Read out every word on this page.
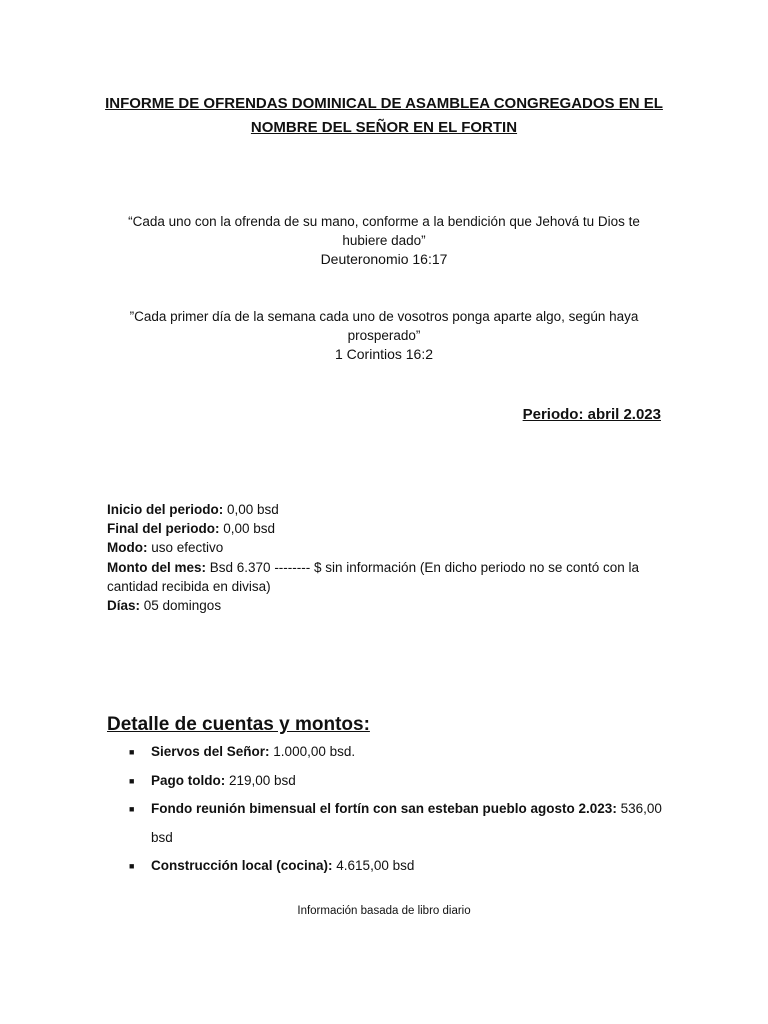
INFORME DE OFRENDAS DOMINICAL DE ASAMBLEA CONGREGADOS EN EL
NOMBRE DEL SEÑOR EN EL FORTIN
“Cada uno con la ofrenda de su mano, conforme a la bendición que Jehová tu Dios te hubiere dado”
Deuteronomio 16:17
”Cada primer día de la semana cada uno de vosotros ponga aparte algo, según haya prosperado”
1 Corintios 16:2
Periodo: abril 2.023
Inicio del periodo: 0,00 bsd
Final del periodo: 0,00 bsd
Modo: uso efectivo
Monto del mes: Bsd 6.370 -------- $ sin información (En dicho periodo no se contó con la cantidad recibida en divisa)
Días: 05 domingos
Detalle de cuentas y montos:
■ Siervos del Señor: 1.000,00 bsd.
■ Pago toldo: 219,00 bsd
■ Fondo reunión bimensual el fortín con san esteban pueblo agosto 2.023: 536,00 bsd
■ Construcción local (cocina): 4.615,00 bsd
Información basada de libro diario
